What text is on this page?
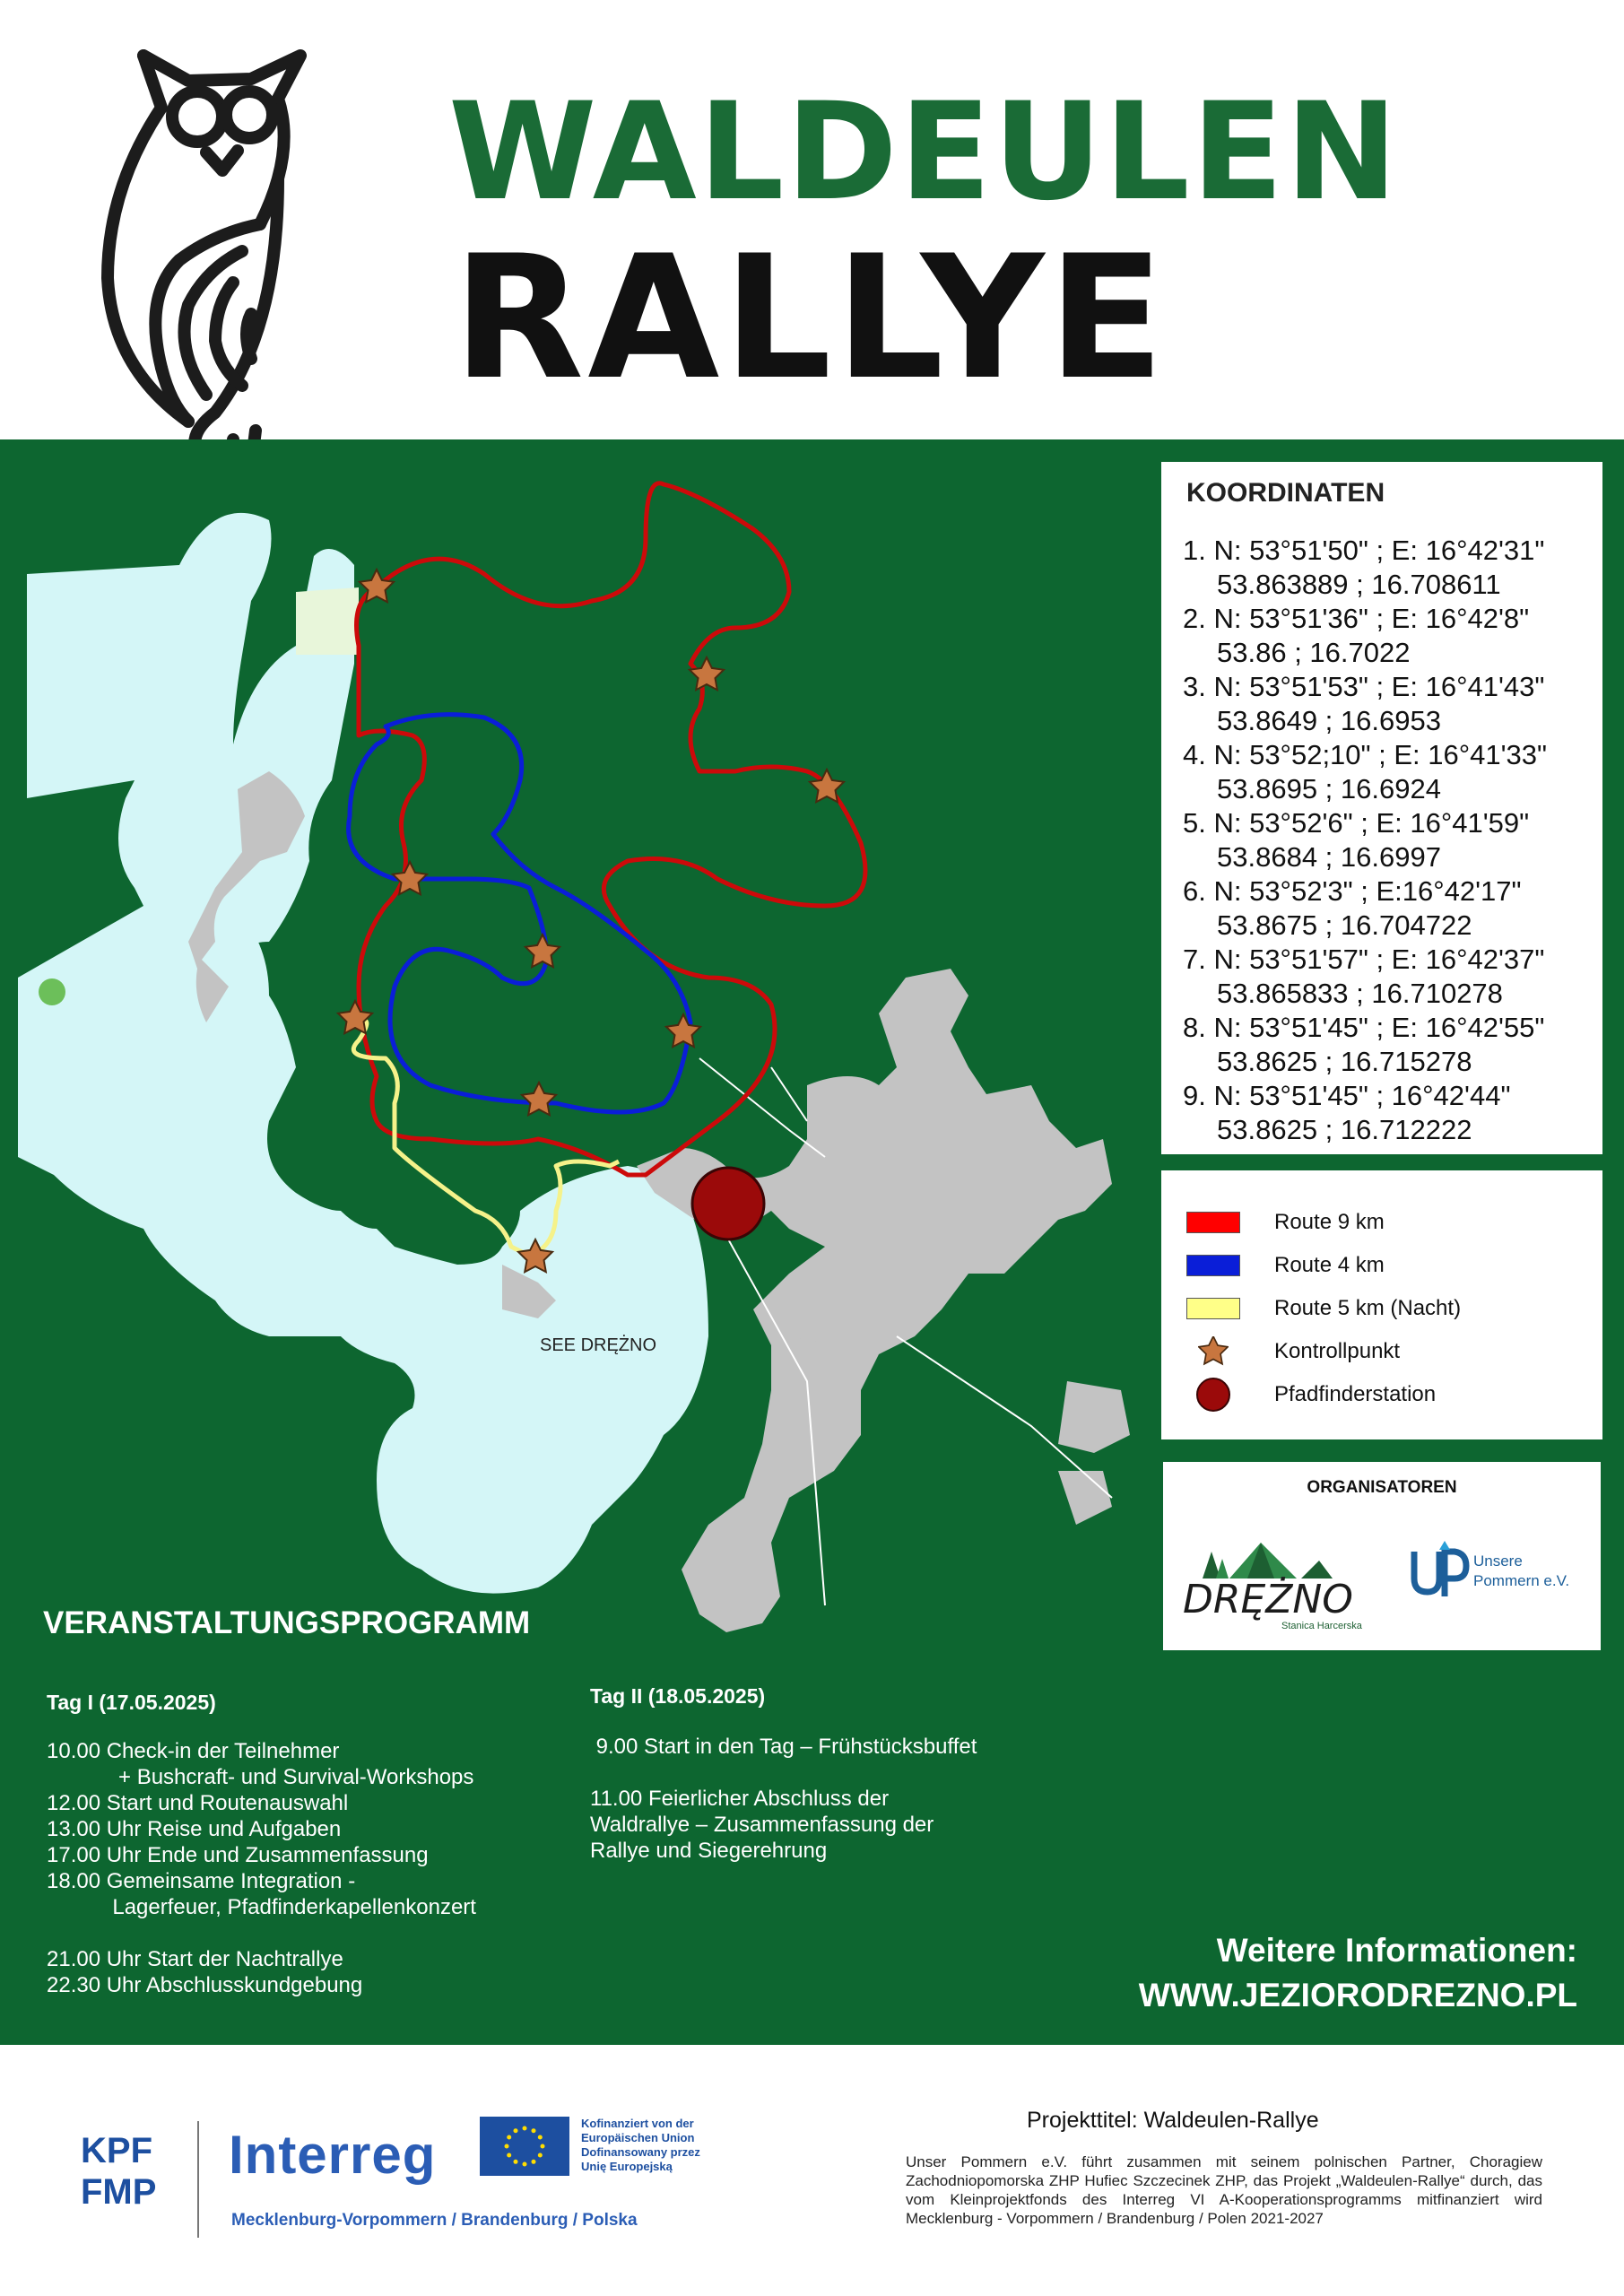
WALDEULEN
RALLYE
SEE DRĘŻNO
KOORDINATEN
1. N: 53°51'50" ; E: 16°42'31"
53.863889 ; 16.708611
2. N: 53°51'36" ; E: 16°42'8"
53.86 ; 16.7022
3. N: 53°51'53" ; E: 16°41'43"
53.8649 ; 16.6953
4. N: 53°52;10" ; E: 16°41'33"
53.8695 ; 16.6924
5. N: 53°52'6" ; E: 16°41'59"
53.8684 ; 16.6997
6. N: 53°52'3" ; E:16°42'17"
53.8675 ; 16.704722
7. N: 53°51'57" ; E: 16°42'37"
53.865833 ; 16.710278
8. N: 53°51'45" ; E: 16°42'55"
53.8625 ; 16.715278
9. N: 53°51'45" ; 16°42'44"
53.8625 ; 16.712222
Route 9 km
Route 4 km
Route 5 km (Nacht)
Kontrollpunkt
Pfadfinderstation
ORGANISATOREN
DRĘŻNO
Stanica Harcerska
Unsere
Pommern e.V.
VERANSTALTUNGSPROGRAMM
Tag I (17.05.2025)
10.00 Check-in der Teilnehmer
+ Bushcraft- und Survival-Workshops
12.00 Start und Routenauswahl
13.00 Uhr Reise und Aufgaben
17.00 Uhr Ende und Zusammenfassung
18.00 Gemeinsame Integration -
Lagerfeuer, Pfadfinderkapellenkonzert
21.00 Uhr Start der Nachtrallye
22.30 Uhr Abschlusskundgebung
Tag II (18.05.2025)
9.00 Start in den Tag – Frühstücksbuffet
11.00 Feierlicher Abschluss der
Waldrallye – Zusammenfassung der
Rallye und Siegerehrung
Weitere Informationen:
WWW.JEZIORODREZNO.PL
KPF
FMP
Interreg
Kofinanziert von der
Europäischen Union
Dofinansowany przez
Unię Europejską
Mecklenburg-Vorpommern / Brandenburg / Polska
Projekttitel: Waldeulen-Rallye
Unser Pommern e.V. führt zusammen mit seinem polnischen Partner, Choragiew Zachodniopomorska ZHP Hufiec Szczecinek ZHP, das Projekt „Waldeulen-Rallye“ durch, das vom Kleinprojektfonds des Interreg VI A-Kooperationsprogramms mitfinanziert wird Mecklenburg - Vorpommern / Brandenburg / Polen 2021-2027
